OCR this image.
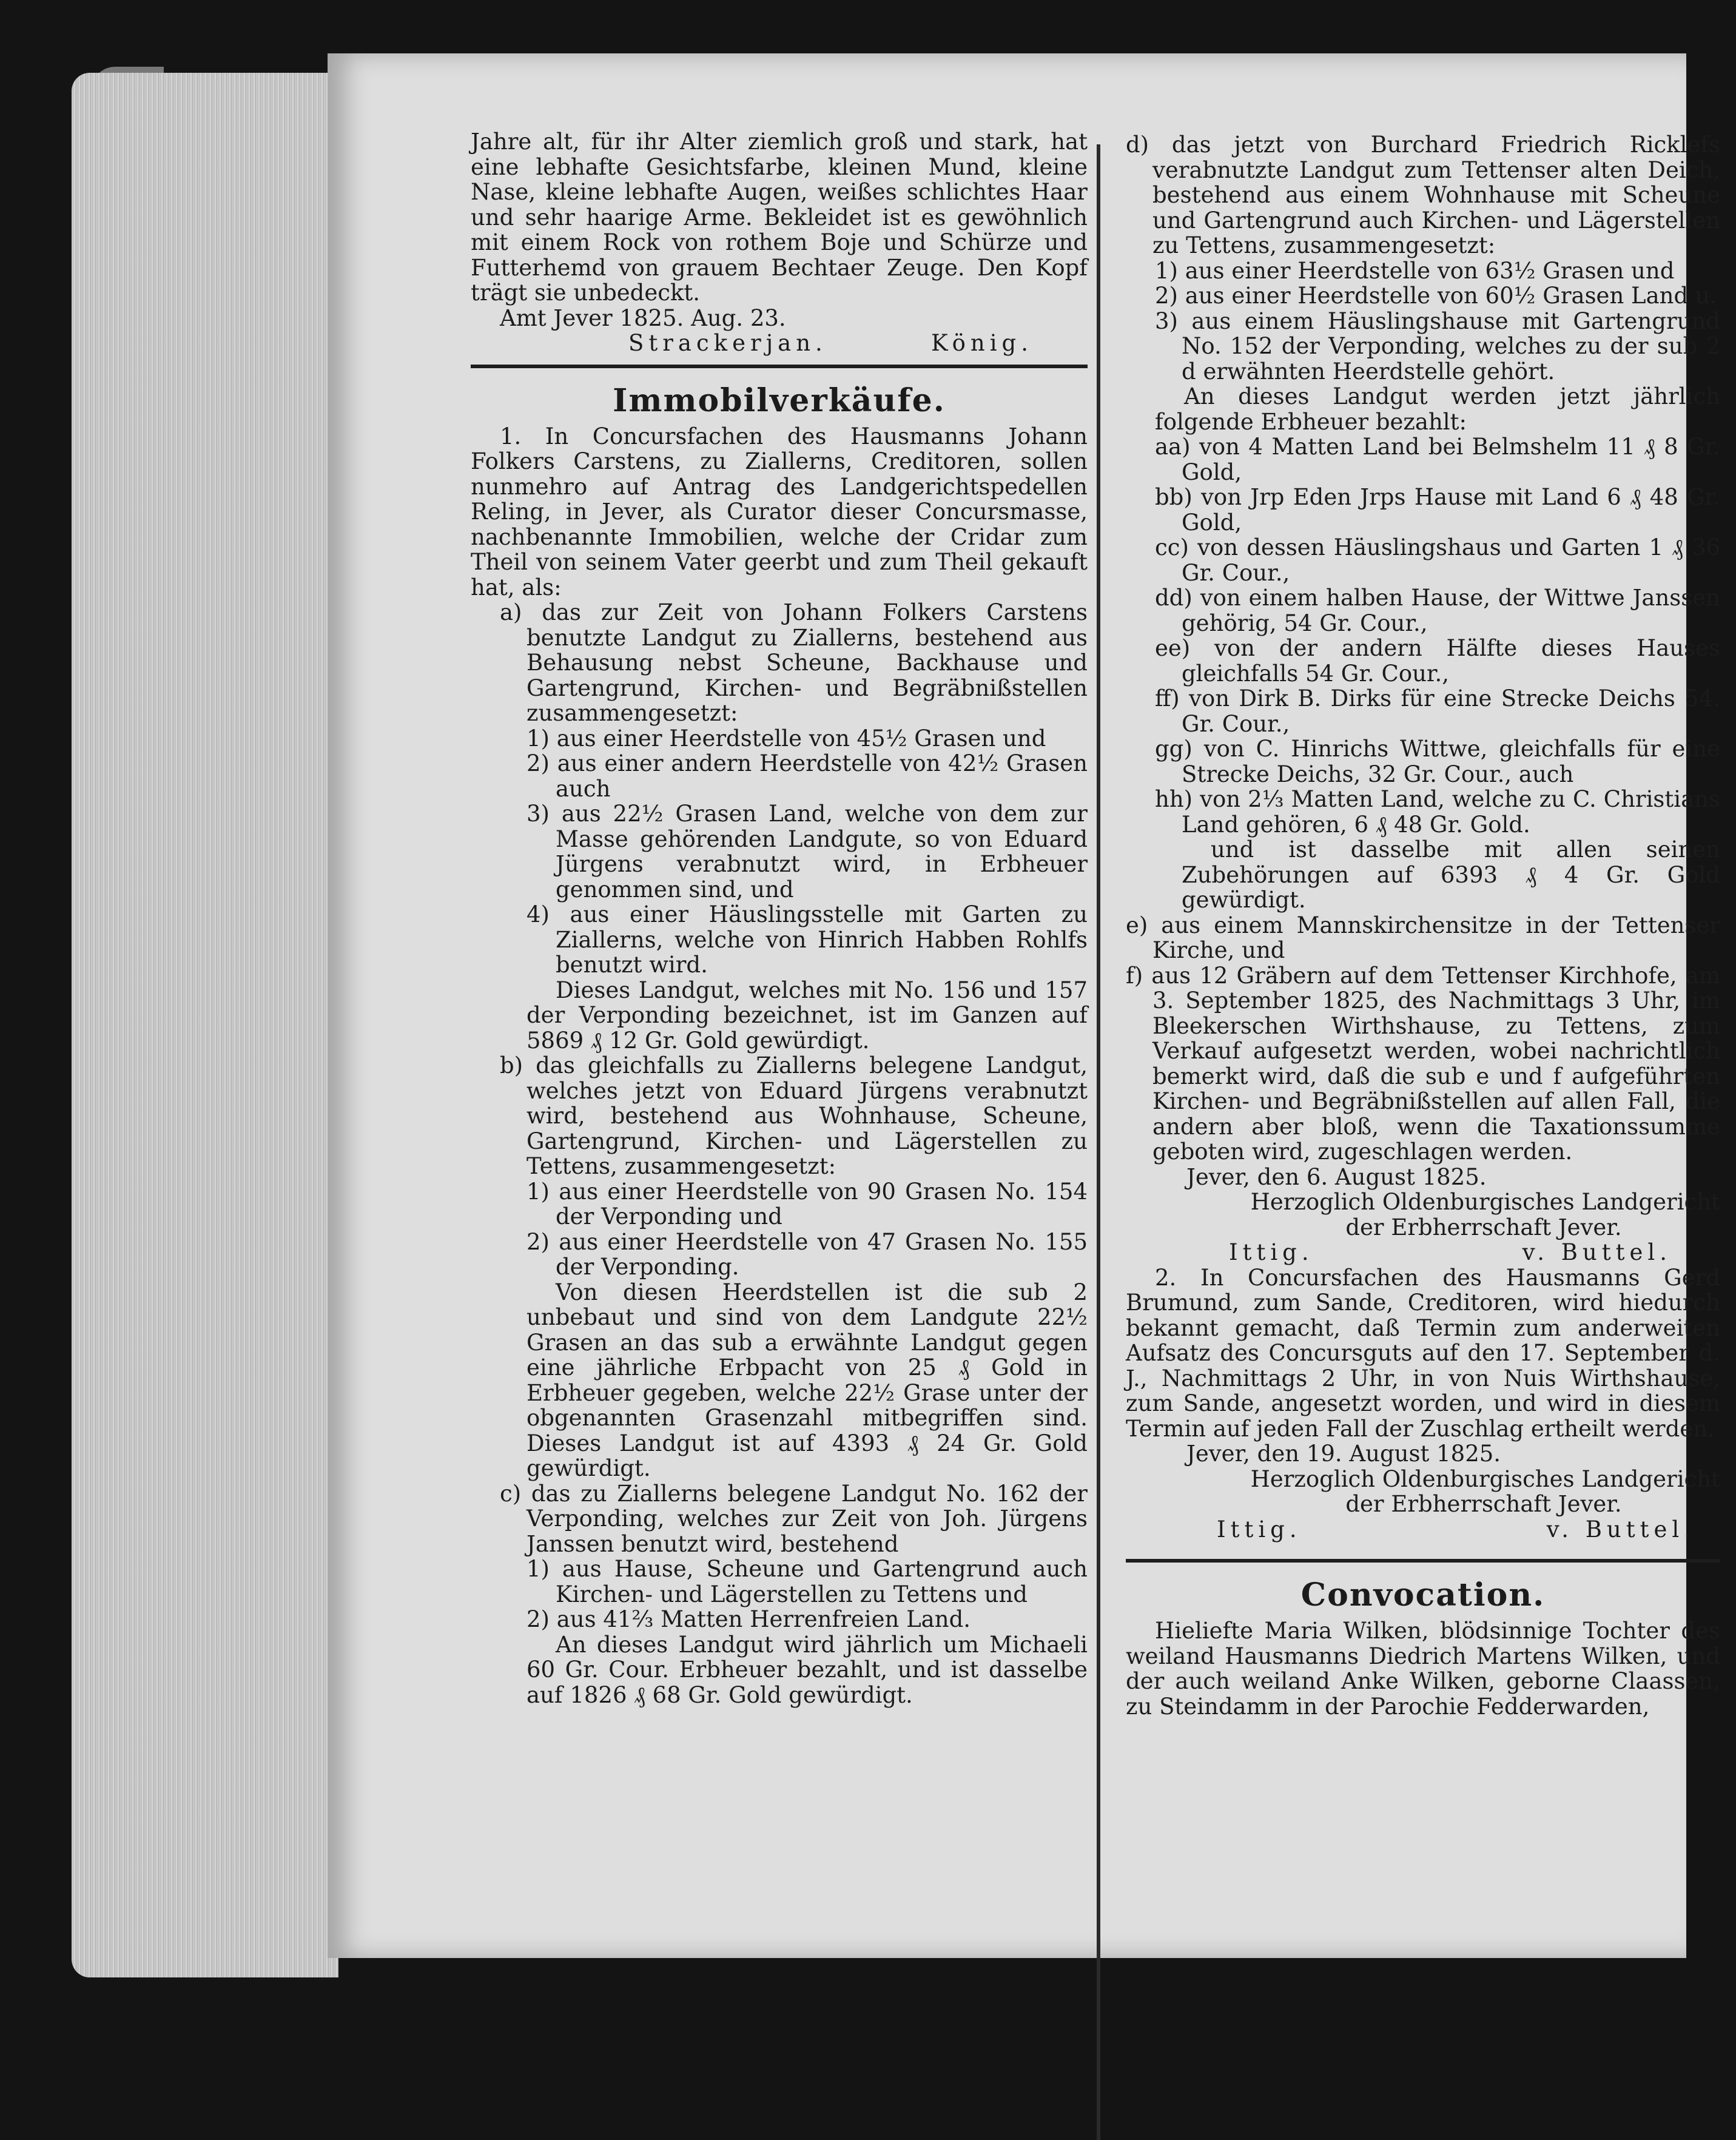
Jahre alt, für ihr Alter ziemlich groß und stark, hat eine lebhafte Gesichtsfarbe, kleinen Mund, kleine Nase, kleine lebhafte Augen, weißes schlichtes Haar und sehr haarige Arme. Bekleidet ist es gewöhnlich mit einem Rock von rothem Boje und Schürze und Futterhemd von grauem Bechtaer Zeuge. Den Kopf trägt sie unbedeckt.

Amt Jever 1825. Aug. 23.

Strackerjan.	König.
Immobilverkäufe.

1. In Concursfachen des Hausmanns Johann Folkers Carstens, zu Ziallerns, Creditoren, sollen nunmehro auf Antrag des Landgerichtspedellen Reling, in Jever, als Curator dieser Concursmasse, nachbenannte Immobilien, welche der Cridar zum Theil von seinem Vater geerbt und zum Theil gekauft hat, als:

a) das zur Zeit von Johann Folkers Carstens benutzte Landgut zu Ziallerns, bestehend aus Behausung nebst Scheune, Backhause und Gartengrund, Kirchen- und Begräbnißstellen zusammengesetzt:

1) aus einer Heerdstelle von 45½ Grasen und

2) aus einer andern Heerdstelle von 42½ Grasen auch

3) aus 22½ Grasen Land, welche von dem zur Masse gehörenden Landgute, so von Eduard Jürgens verabnutzt wird, in Erbheuer genommen sind, und

4) aus einer Häuslingsstelle mit Garten zu Ziallerns, welche von Hinrich Habben Rohlfs benutzt wird.

Dieses Landgut, welches mit No. 156 und 157 der Verponding bezeichnet, ist im Ganzen auf 5869 ₰ 12 Gr. Gold gewürdigt.

b) das gleichfalls zu Ziallerns belegene Landgut, welches jetzt von Eduard Jürgens verabnutzt wird, bestehend aus Wohnhause, Scheune, Gartengrund, Kirchen- und Lägerstellen zu Tettens, zusammengesetzt:

1) aus einer Heerdstelle von 90 Grasen No. 154 der Verponding und

2) aus einer Heerdstelle von 47 Grasen No. 155 der Verponding.

Von diesen Heerdstellen ist die sub 2 unbebaut und sind von dem Landgute 22½ Grasen an das sub a erwähnte Landgut gegen eine jährliche Erbpacht von 25 ₰ Gold in Erbheuer gegeben, welche 22½ Grase unter der obgenannten Grasenzahl mitbegriffen sind. Dieses Landgut ist auf 4393 ₰ 24 Gr. Gold gewürdigt.

c) das zu Ziallerns belegene Landgut No. 162 der Verponding, welches zur Zeit von Joh. Jürgens Janssen benutzt wird, bestehend

1) aus Hause, Scheune und Gartengrund auch Kirchen- und Lägerstellen zu Tettens und

2) aus 41⅔ Matten Herrenfreien Land.

An dieses Landgut wird jährlich um Michaeli 60 Gr. Cour. Erbheuer bezahlt, und ist dasselbe auf 1826 ₰ 68 Gr. Gold gewürdigt.

d) das jetzt von Burchard Friedrich Ricklefs verabnutzte Landgut zum Tettenser alten Deich, bestehend aus einem Wohnhause mit Scheune und Gartengrund auch Kirchen- und Lägerstellen zu Tettens, zusammengesetzt:

1) aus einer Heerdstelle von 63½ Grasen und

2) aus einer Heerdstelle von 60½ Grasen Land u.

3) aus einem Häuslingshause mit Gartengrund No. 152 der Verponding, welches zu der sub 2 d erwähnten Heerdstelle gehört.

An dieses Landgut werden jetzt jährlich folgende Erbheuer bezahlt:

aa) von 4 Matten Land bei Belmshelm 11 ₰ 8 Gr. Gold,

bb) von Jrp Eden Jrps Hause mit Land 6 ₰ 48 Gr. Gold,

cc) von dessen Häuslingshaus und Garten 1 ₰ 36 Gr. Cour.,

dd) von einem halben Hause, der Wittwe Janssen gehörig, 54 Gr. Cour.,

ee) von der andern Hälfte dieses Hauses gleichfalls 54 Gr. Cour.,

ff) von Dirk B. Dirks für eine Strecke Deichs 54. Gr. Cour.,

gg) von C. Hinrichs Wittwe, gleichfalls für eine Strecke Deichs, 32 Gr. Cour., auch

hh) von 2⅓ Matten Land, welche zu C. Christians Land gehören, 6 ₰ 48 Gr. Gold.

und ist dasselbe mit allen seinen Zubehörungen auf 6393 ₰ 4 Gr. Gold gewürdigt.

e) aus einem Mannskirchensitze in der Tettenser Kirche, und

f) aus 12 Gräbern auf dem Tettenser Kirchhofe, am 3. September 1825, des Nachmittags 3 Uhr, im Bleekerschen Wirthshause, zu Tettens, zum Verkauf aufgesetzt werden, wobei nachrichtlich bemerkt wird, daß die sub e und f aufgeführten Kirchen- und Begräbnißstellen auf allen Fall, die andern aber bloß, wenn die Taxationssumme geboten wird, zugeschlagen werden.

Jever, den 6. August 1825.

Herzoglich Oldenburgisches Landgericht

der Erbherrschaft Jever.

Ittig.	v. Buttel.

2. In Concursfachen des Hausmanns Gerd Brumund, zum Sande, Creditoren, wird hiedurch bekannt gemacht, daß Termin zum anderweiten Aufsatz des Concursguts auf den 17. September d. J., Nachmittags 2 Uhr, in von Nuis Wirthshause, zum Sande, angesetzt worden, und wird in diesem Termin auf jeden Fall der Zuschlag ertheilt werden.

Jever, den 19. August 1825.

Herzoglich Oldenburgisches Landgericht

der Erbherrschaft Jever.

Ittig.	v. Buttel.
Convocation.

Hieliefte Maria Wilken, blödsinnige Tochter des weiland Hausmanns Diedrich Martens Wilken, und der auch weiland Anke Wilken, geborne Claassen, zu Steindamm in der Parochie Fedderwarden,
